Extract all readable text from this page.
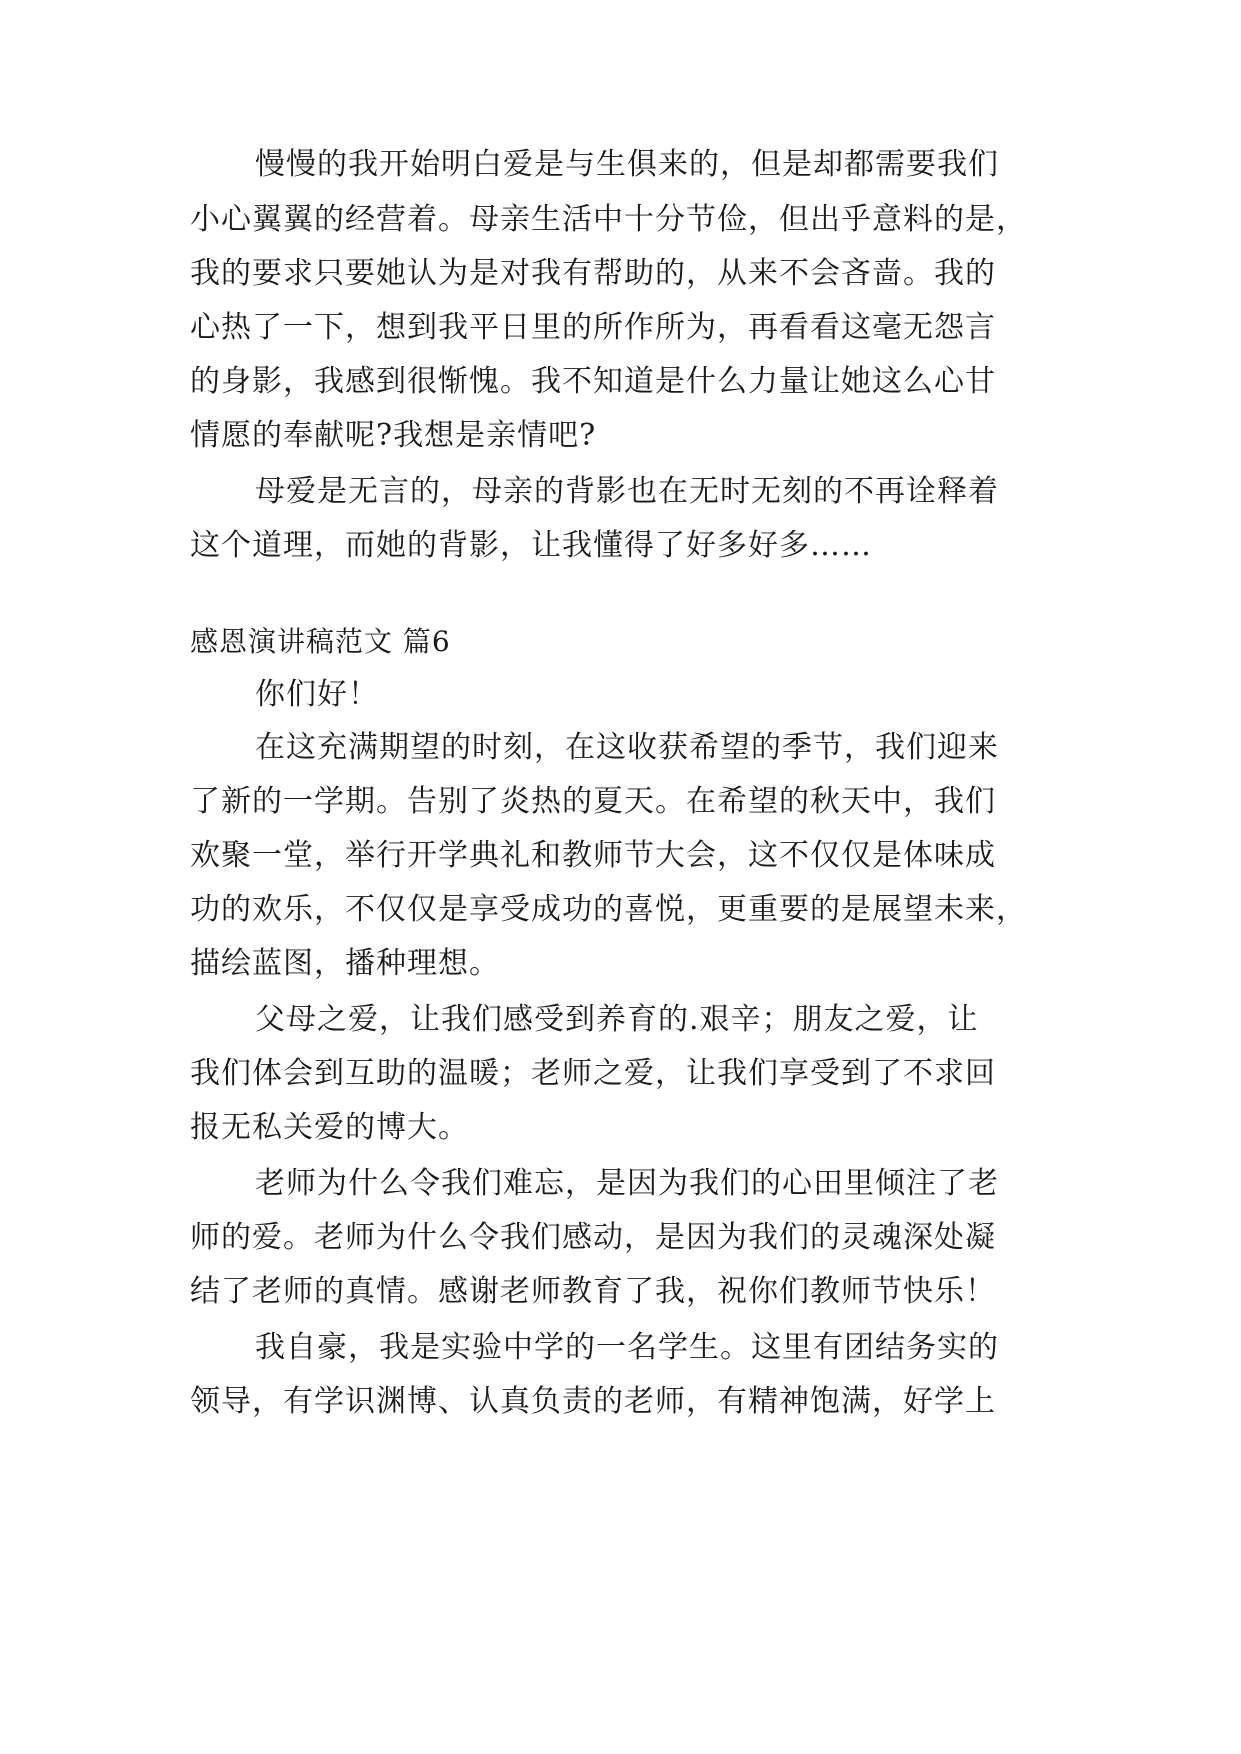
慢慢的我开始明白爱是与生俱来的，但是却都需要我们
小心翼翼的经营着。母亲生活中十分节俭，但出乎意料的是，
我的要求只要她认为是对我有帮助的，从来不会吝啬。我的
心热了一下，想到我平日里的所作所为，再看看这毫无怨言
的身影，我感到很惭愧。我不知道是什么力量让她这么心甘
情愿的奉献呢?我想是亲情吧?
母爱是无言的，母亲的背影也在无时无刻的不再诠释着
这个道理，而她的背影，让我懂得了好多好多……
感恩演讲稿范文 篇6
你们好！
在这充满期望的时刻，在这收获希望的季节，我们迎来
了新的一学期。告别了炎热的夏天。在希望的秋天中，我们
欢聚一堂，举行开学典礼和教师节大会，这不仅仅是体味成
功的欢乐，不仅仅是享受成功的喜悦，更重要的是展望未来，
描绘蓝图，播种理想。
父母之爱，让我们感受到养育的.艰辛；朋友之爱，让
我们体会到互助的温暖；老师之爱，让我们享受到了不求回
报无私关爱的博大。
老师为什么令我们难忘，是因为我们的心田里倾注了老
师的爱。老师为什么令我们感动，是因为我们的灵魂深处凝
结了老师的真情。感谢老师教育了我，祝你们教师节快乐！
我自豪，我是实验中学的一名学生。这里有团结务实的
领导，有学识渊博、认真负责的老师，有精神饱满，好学上
